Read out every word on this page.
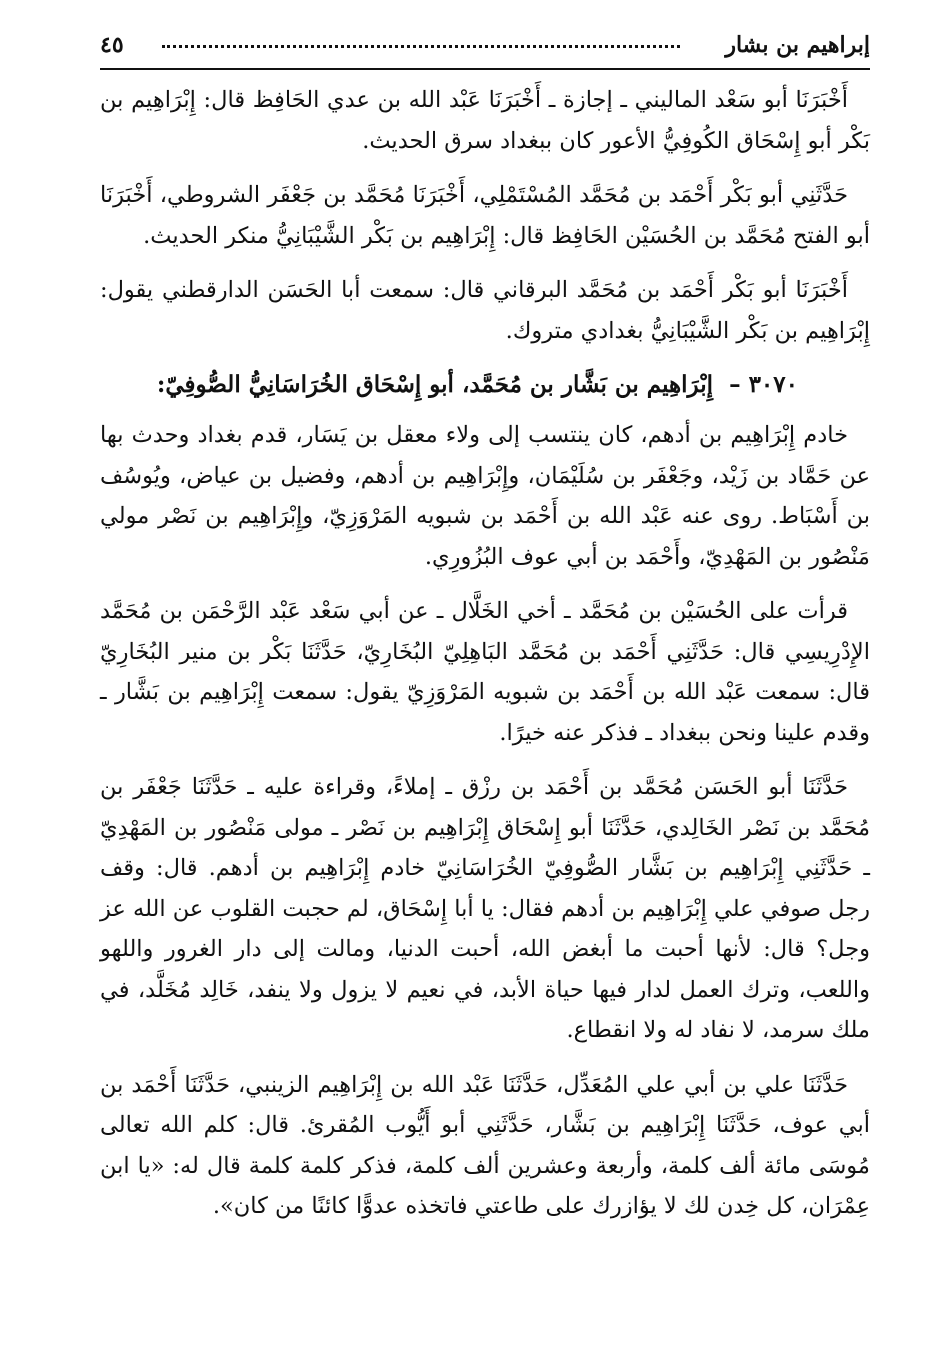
إبراهيم بن بشار
٤٥

أَخْبَرَنَا أبو سَعْد الماليني ـ إجازة ـ أَخْبَرَنَا عَبْد الله بن عدي الحَافِظ قال: إِبْرَاهِيم بن بَكْر أبو إِسْحَاق الكُوفِيُّ الأعور كان ببغداد سرق الحديث.

حَدَّثَنِي أبو بَكْر أَحْمَد بن مُحَمَّد المُسْتَمْلِي، أَخْبَرَنَا مُحَمَّد بن جَعْفَر الشروطي، أَخْبَرَنَا أبو الفتح مُحَمَّد بن الحُسَيْن الحَافِظ قال: إِبْرَاهِيم بن بَكْر الشَّيْبَانِيُّ منكر الحديث.

أَخْبَرَنَا أبو بَكْر أَحْمَد بن مُحَمَّد البرقاني قال: سمعت أبا الحَسَن الدارقطني يقول: إِبْرَاهِيم بن بَكْر الشَّيْبَانِيُّ بغدادي متروك.

٣٠٧٠ – إِبْرَاهِيم بن بَشَّار بن مُحَمَّد، أبو إِسْحَاق الخُرَاسَانِيُّ الصُّوفِيّ:

خادم إِبْرَاهِيم بن أدهم، كان ينتسب إلى ولاء معقل بن يَسَار، قدم بغداد وحدث بها عن حَمَّاد بن زَيْد، وجَعْفَر بن سُلَيْمَان، وإِبْرَاهِيم بن أدهم، وفضيل بن عياض، ويُوسُف بن أَسْبَاط. روى عنه عَبْد الله بن أَحْمَد بن شبويه المَرْوَزِيّ، وإِبْرَاهِيم بن نَصْر مولي مَنْصُور بن المَهْدِيّ، وأَحْمَد بن أبي عوف البُزُورِي.

قرأت على الحُسَيْن بن مُحَمَّد ـ أخي الخَلَّال ـ عن أبي سَعْد عَبْد الرَّحْمَن بن مُحَمَّد الإِدْرِيسِي قال: حَدَّثَنِي أَحْمَد بن مُحَمَّد البَاهِلِيّ البُخَارِيّ، حَدَّثَنَا بَكْر بن منير البُخَارِيّ قال: سمعت عَبْد الله بن أَحْمَد بن شبويه المَرْوَزِيّ يقول: سمعت إِبْرَاهِيم بن بَشَّار ـ وقدم علينا ونحن ببغداد ـ فذكر عنه خيرًا.

حَدَّثَنَا أبو الحَسَن مُحَمَّد بن أَحْمَد بن رزْق ـ إملاءً، وقراءة عليه ـ حَدَّثَنَا جَعْفَر بن مُحَمَّد بن نَصْر الخَالِدي، حَدَّثَنَا أبو إِسْحَاق إِبْرَاهِيم بن نَصْر ـ مولى مَنْصُور بن المَهْدِيّ ـ حَدَّثَنِي إِبْرَاهِيم بن بَشَّار الصُّوفِيّ الخُرَاسَانِيّ خادم إِبْرَاهِيم بن أدهم. قال: وقف رجل صوفي علي إِبْرَاهِيم بن أدهم فقال: يا أبا إِسْحَاق، لم حجبت القلوب عن الله عز وجل؟ قال: لأنها أحبت ما أبغض الله، أحبت الدنيا، ومالت إلى دار الغرور واللهو واللعب، وترك العمل لدار فيها حياة الأبد، في نعيم لا يزول ولا ينفد، خَالِد مُخَلَّد، في ملك سرمد، لا نفاد له ولا انقطاع.

حَدَّثَنَا علي بن أبي علي المُعَدِّل، حَدَّثَنَا عَبْد الله بن إِبْرَاهِيم الزينبي، حَدَّثَنَا أَحْمَد بن أبي عوف، حَدَّثَنَا إِبْرَاهِيم بن بَشَّار، حَدَّثَنِي أبو أَيُّوب المُقرئ. قال: كلم الله تعالى مُوسَى مائة ألف كلمة، وأربعة وعشرين ألف كلمة، فذكر كلمة كلمة قال له: «يا ابن عِمْرَان، كل خِدن لك لا يؤازرك على طاعتي فاتخذه عدوًّا كائنًا من كان».
